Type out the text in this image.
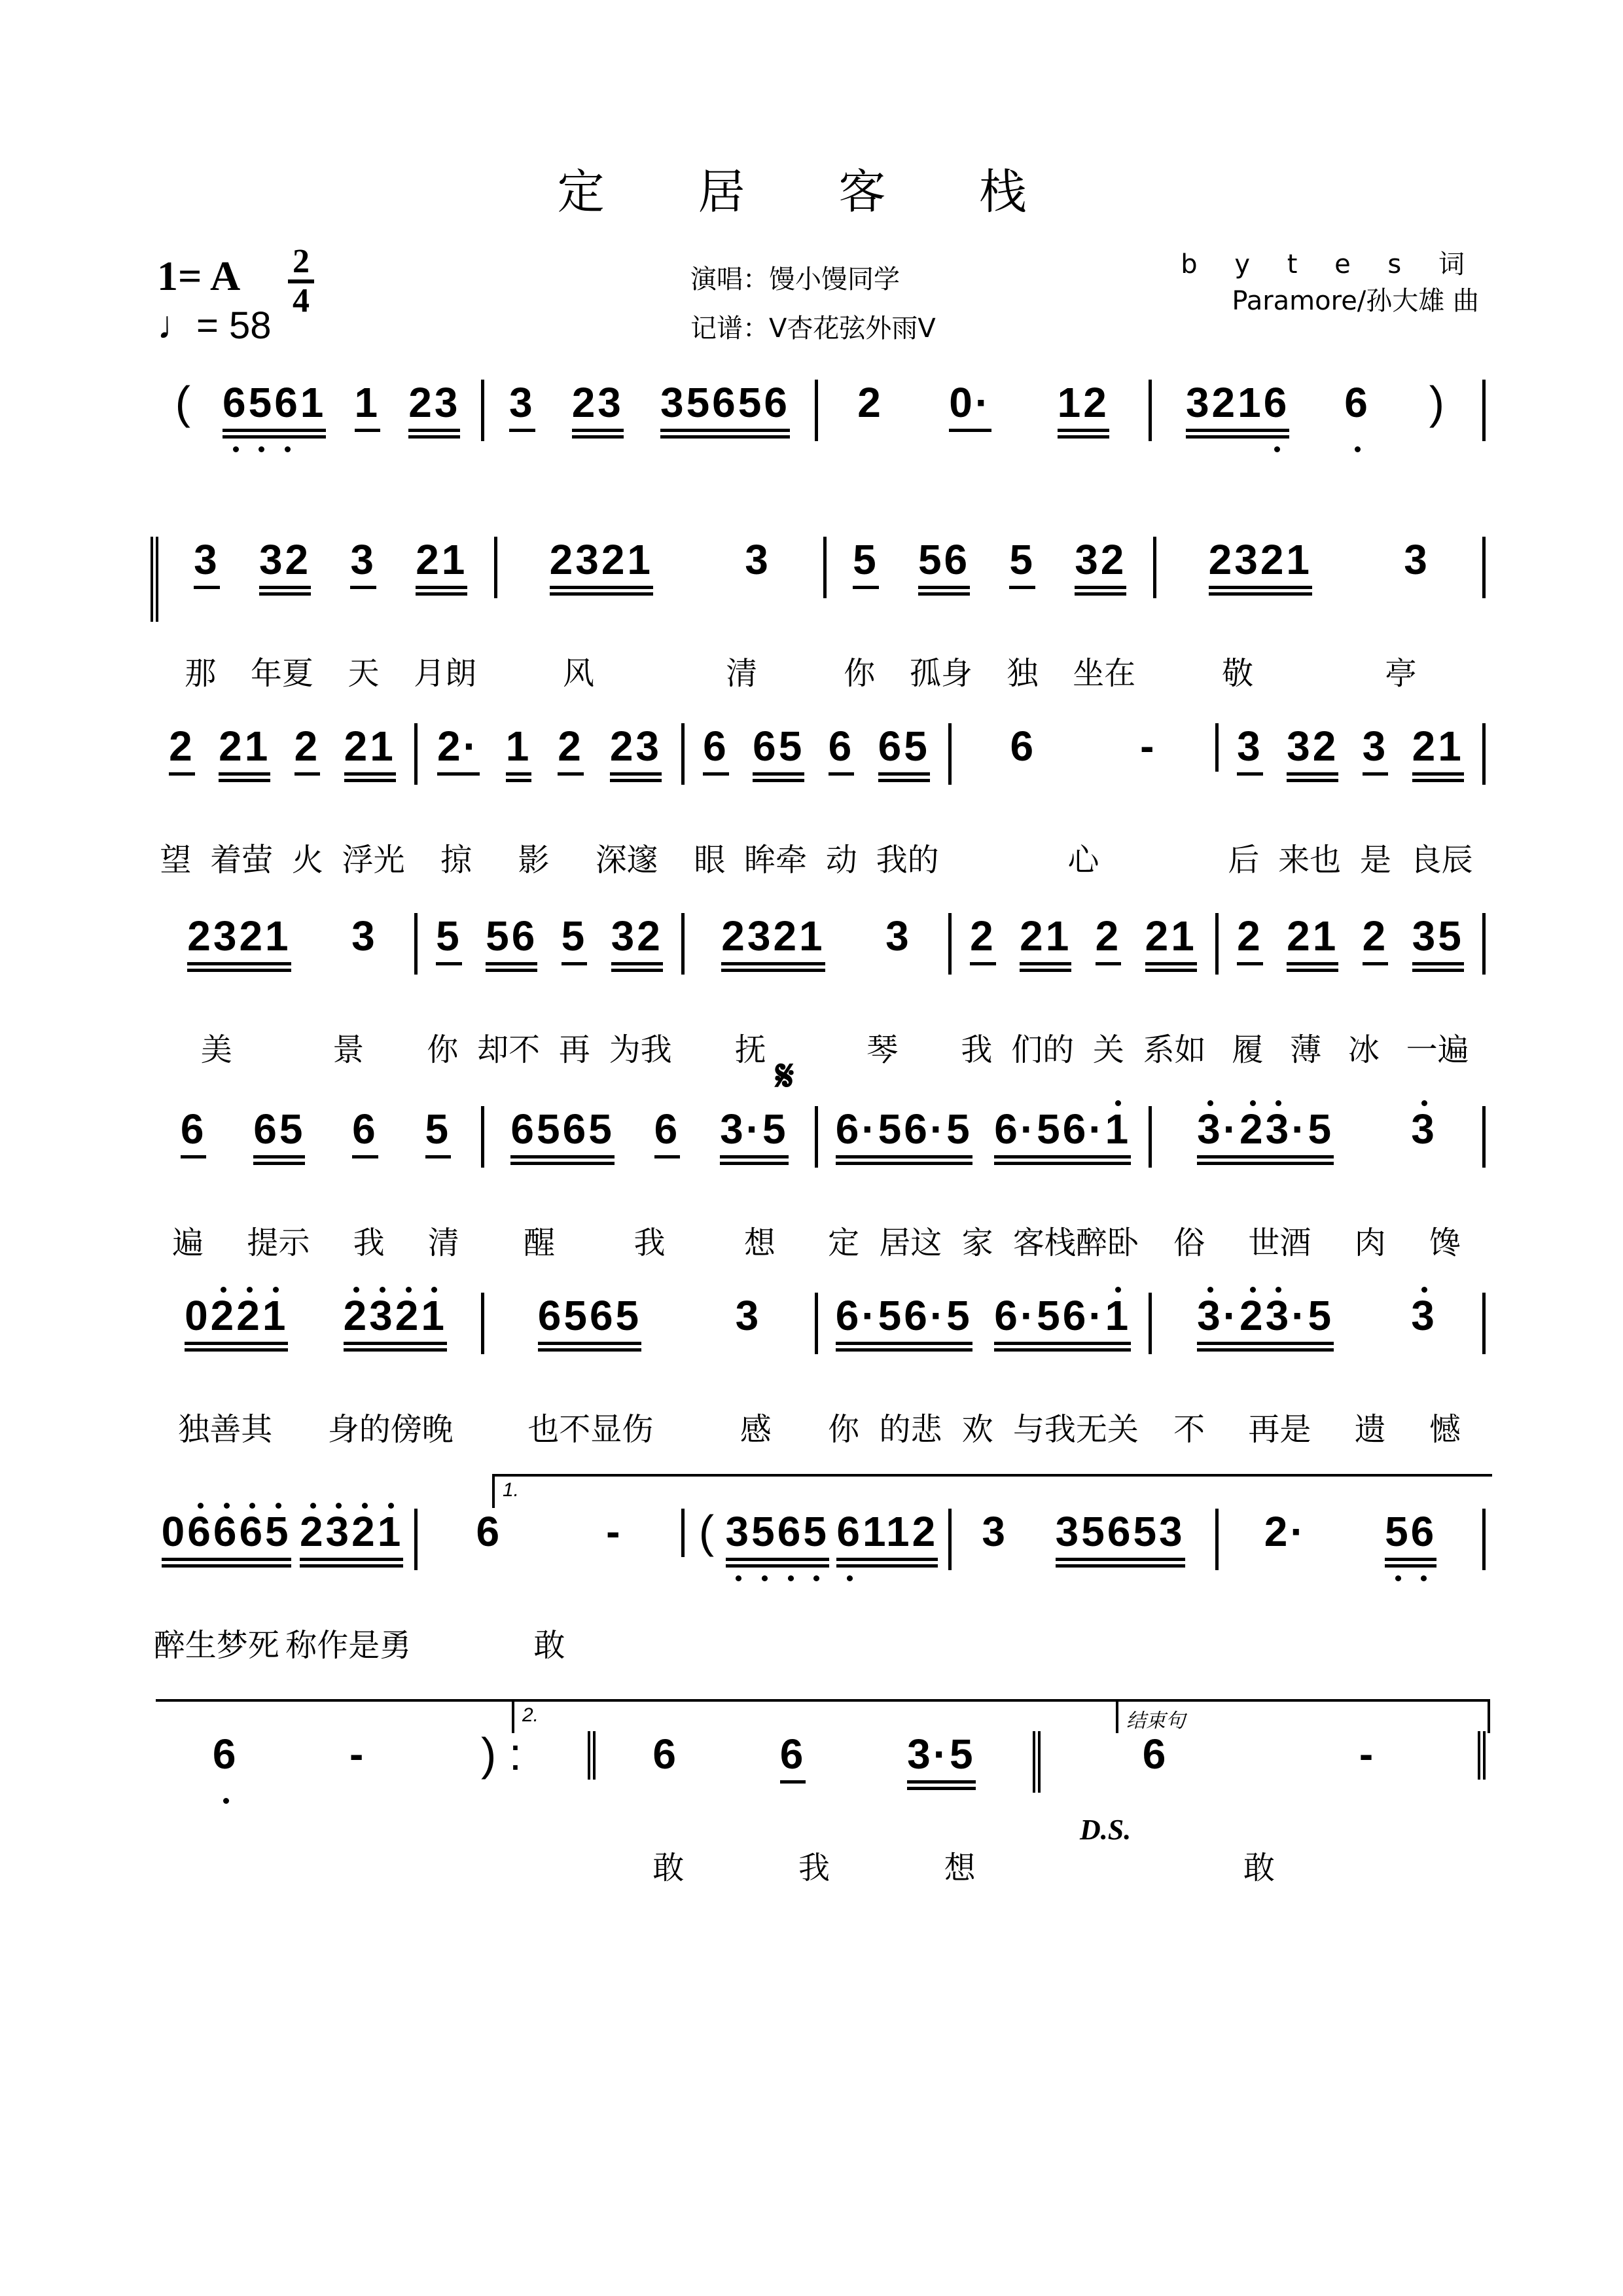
定 居 客 栈
1= A 2
4
♩= 58
演唱：馒小馒同学
记谱：V杏花弦外雨V
b y t e s 词
Paramore/孙大雄 曲
( 6561 1 23 3 23 35656 2 0· 12 3216 6 )
3 32 3 21
那 年夏 天 月朗
2321 3
风	清
5 56 5 32
你 孤身 独 坐在
2321 3
敬	亭
2 21 2 21
望 着萤 火 浮光
2· 1 2 23
掠 影 深邃
6 65 6 65
眼 眸牵 动 我的
6 -
心
3 32 3 21
后 来也 是 良辰
2321 3
美	景
5 56 5 32
你 却不 再 为我
2321 3
抚	琴
2 21 2 21
我 们的 关 系如
2 21 2 35
履 薄 冰 一遍
6 65 6 5
遍 提示 我 清
6565 6 3·5
醒	我	想
6·56·5 6·56·1
定 居这 家 客栈醉卧
3·23·5 3
俗 世酒 肉 馋
0221 2321
独善其 身的傍晚
6565 3
也不显伤	感
6·56·5 6·56·1
你 的悲 欢 与我无关
3·23·5 3
不 再是 遗 憾
06665 2321
醉生梦死 称作是勇
6 -
敢
( 3565 6112 3 35653 2· 56
6	-	) :	6 6 3·5
敢	我	想
6	-
敢
𝄋
1.
2.	结束句
D.S.
